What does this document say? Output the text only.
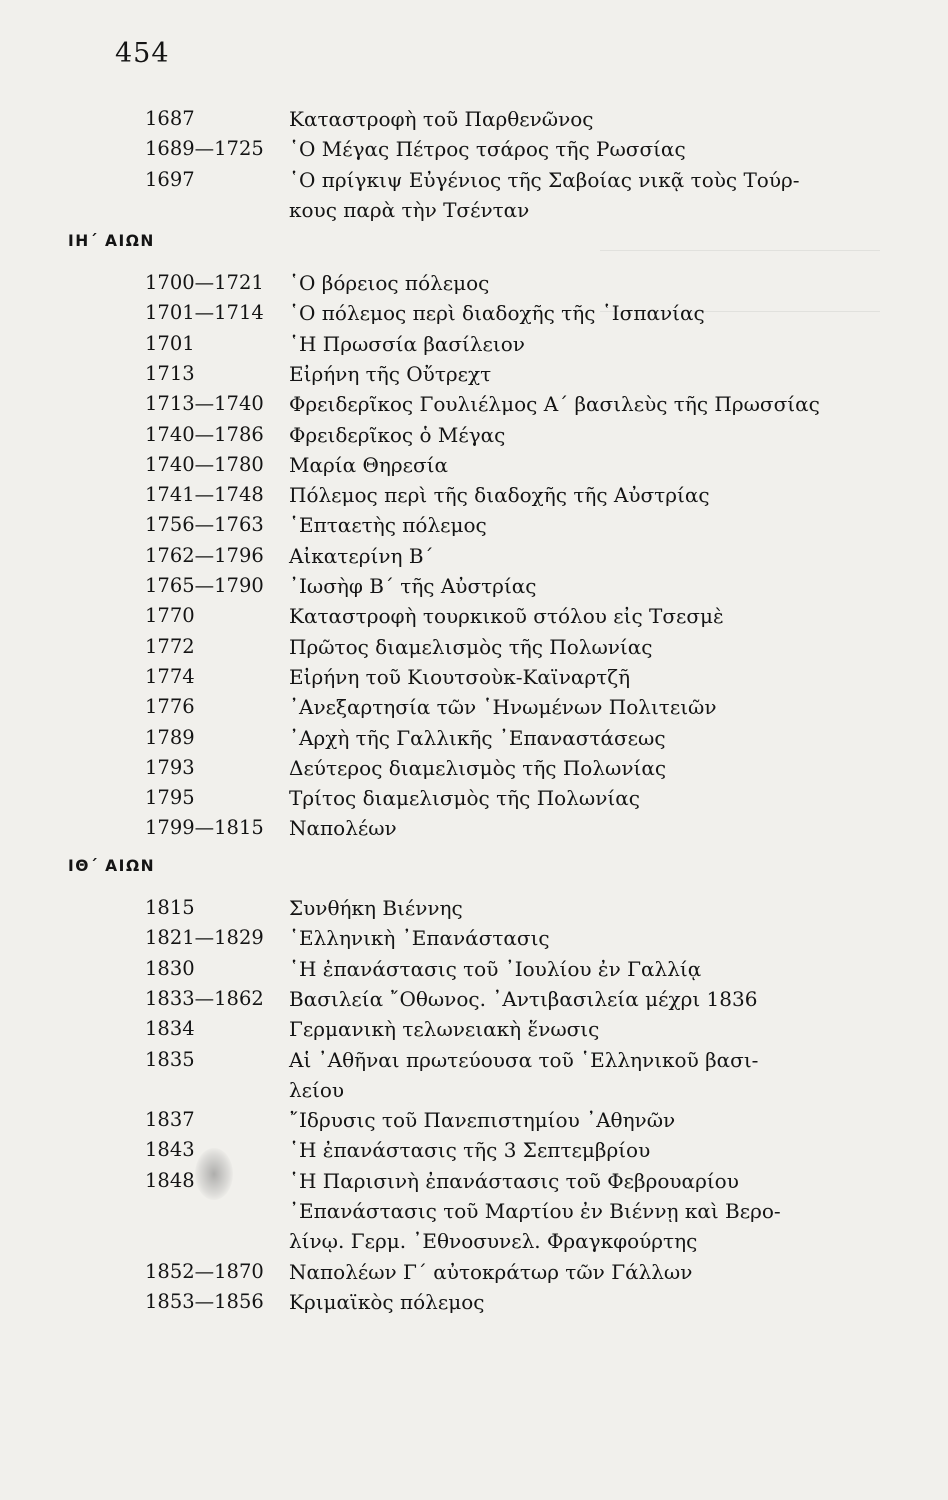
454
1687	Καταστροφὴ τοῦ Παρθενῶνος
1689—1725 ῾Ο Μέγας Πέτρος τσάρος τῆς Ρωσσίας
1697	῾Ο πρίγκιψ Εὐγένιος τῆς Σαβοίας νικᾷ τοὺς Τούρ-
κους παρὰ τὴν Τσένταν
ΙΗ΄ ΑΙΩΝ
1700—1721 ῾Ο βόρειος πόλεμος
1701—1714 ῾Ο πόλεμος περὶ διαδοχῆς τῆς ῾Ισπανίας
1701	῾Η Πρωσσία βασίλειον
1713	Εἰρήνη τῆς Οὔτρεχτ
1713—1740 Φρειδερῖκος Γουλιέλμος Α΄ βασιλεὺς τῆς Πρωσσίας
1740—1786 Φρειδερῖκος ὁ Μέγας
1740—1780 Μαρία Θηρεσία
1741—1748 Πόλεμος περὶ τῆς διαδοχῆς τῆς Αὐστρίας
1756—1763 ῾Επταετὴς πόλεμος
1762—1796 Αἰκατερίνη Β΄
1765—1790 ᾿Ιωσὴφ Β΄ τῆς Αὐστρίας
1770	Καταστροφὴ τουρκικοῦ στόλου εἰς Τσεσμὲ
1772	Πρῶτος διαμελισμὸς τῆς Πολωνίας
1774	Εἰρήνη τοῦ Κιουτσοὺκ-Καϊναρτζῆ
1776	᾿Ανεξαρτησία τῶν ῾Ηνωμένων Πολιτειῶν
1789	᾿Αρχὴ τῆς Γαλλικῆς ᾿Επαναστάσεως
1793	Δεύτερος διαμελισμὸς τῆς Πολωνίας
1795	Τρίτος διαμελισμὸς τῆς Πολωνίας
1799—1815 Ναπολέων
ΙΘ΄ ΑΙΩΝ
1815	Συνθήκη Βιέννης
1821—1829 ῾Ελληνικὴ ᾿Επανάστασις
1830	῾Η ἐπανάστασις τοῦ ᾿Ιουλίου ἐν Γαλλίᾳ
1833—1862 Βασιλεία ῎Οθωνος. ᾿Αντιβασιλεία μέχρι 1836
1834	Γερμανικὴ τελωνειακὴ ἕνωσις
1835	Αἱ ᾿Αθῆναι πρωτεύουσα τοῦ ῾Ελληνικοῦ βασι-
λείου
1837	῎Ιδρυσις τοῦ Πανεπιστημίου ᾿Αθηνῶν
1843	῾Η ἐπανάστασις τῆς 3 Σεπτεμβρίου
1848	῾Η Παρισινὴ ἐπανάστασις τοῦ Φεβρουαρίου
᾿Επανάστασις τοῦ Μαρτίου ἐν Βιέννῃ καὶ Βερο-
λίνῳ. Γερμ. ᾿Εθνοσυνελ. Φραγκφούρτης
1852—1870 Ναπολέων Γ΄ αὐτοκράτωρ τῶν Γάλλων
1853—1856 Κριμαϊκὸς πόλεμος
